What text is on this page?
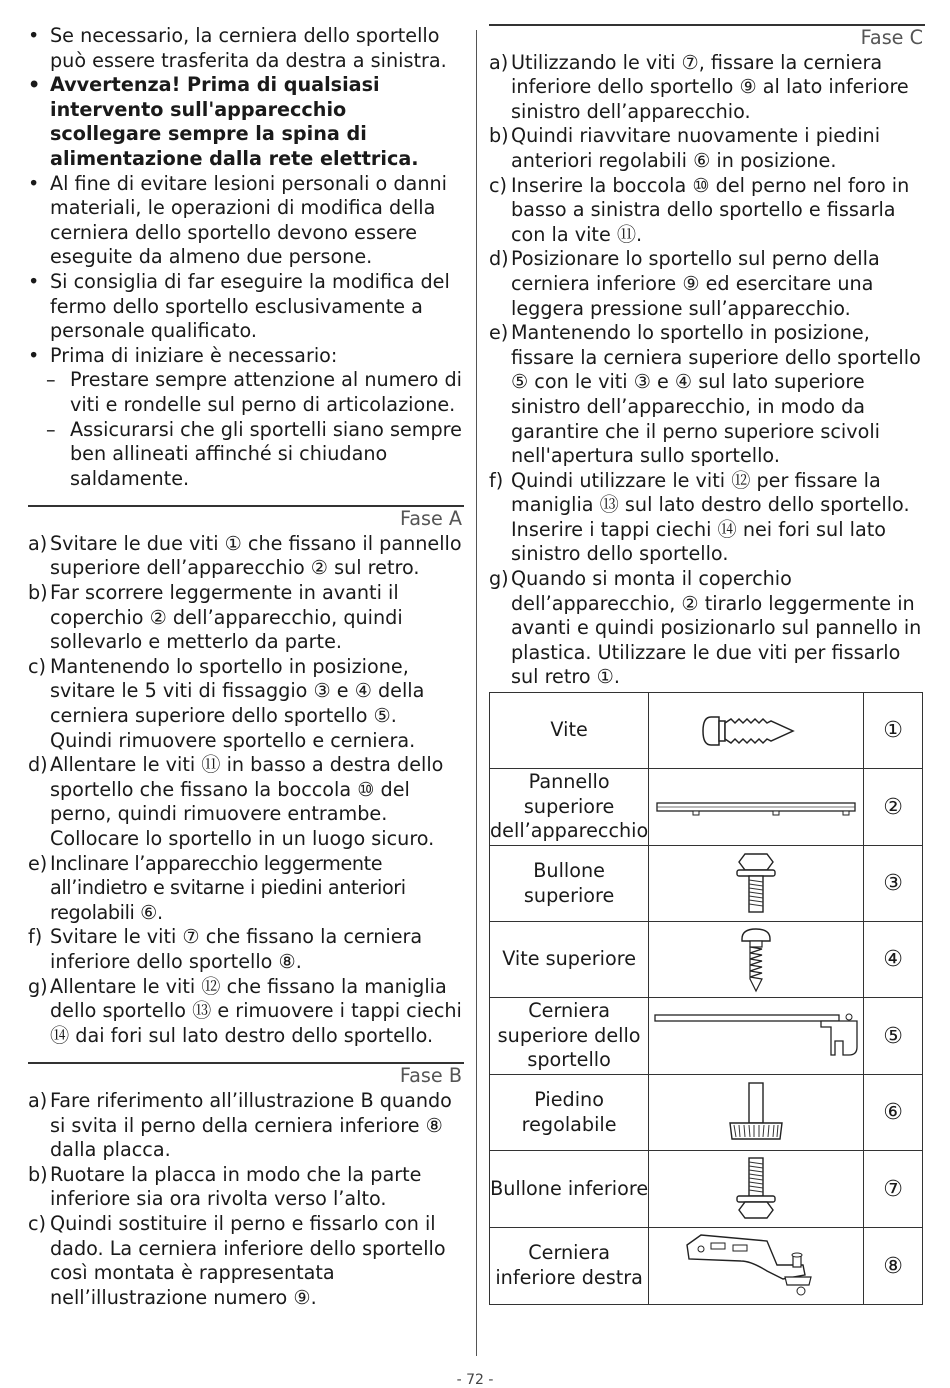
• Se necessario, la cerniera dello sportello può essere trasferita da destra a sinistra.
• Avvertenza! Prima di qualsiasi intervento sull'apparecchio scollegare sempre la spina di alimentazione dalla rete elettrica.
• Al fine di evitare lesioni personali o danni materiali, le operazioni di modifica della cerniera dello sportello devono essere eseguite da almeno due persone.
• Si consiglia di far eseguire la modifica del fermo dello sportello esclusivamente a personale qualificato.
• Prima di iniziare è necessario:
– Prestare sempre attenzione al numero di viti e rondelle sul perno di articolazione.
– Assicurarsi che gli sportelli siano sempre ben allineati affinché si chiudano saldamente.
Fase A
a) Svitare le due viti ① che fissano il pannello superiore dell’apparecchio ② sul retro.
b) Far scorrere leggermente in avanti il coperchio ② dell’apparecchio, quindi sollevarlo e metterlo da parte.
c) Mantenendo lo sportello in posizione, svitare le 5 viti di fissaggio ③ e ④ della cerniera superiore dello sportello ⑤. Quindi rimuovere sportello e cerniera.
d) Allentare le viti ⑪ in basso a destra dello sportello che fissano la boccola ⑩ del perno, quindi rimuovere entrambe. Collocare lo sportello in un luogo sicuro.
e) Inclinare l’apparecchio leggermente all’indietro e svitarne i piedini anteriori regolabili ⑥.
f) Svitare le viti ⑦ che fissano la cerniera inferiore dello sportello ⑧.
g) Allentare le viti ⑫ che fissano la maniglia dello sportello ⑬ e rimuovere i tappi ciechi ⑭ dai fori sul lato destro dello sportello.
Fase B
a) Fare riferimento all’illustrazione B quando si svita il perno della cerniera inferiore ⑧ dalla placca.
b) Ruotare la placca in modo che la parte inferiore sia ora rivolta verso l’alto.
c) Quindi sostituire il perno e fissarlo con il dado. La cerniera inferiore dello sportello così montata è rappresentata nell’illustrazione numero ⑨.
Fase C
a) Utilizzando le viti ⑦, fissare la cerniera inferiore dello sportello ⑨ al lato inferiore sinistro dell’apparecchio.
b) Quindi riavvitare nuovamente i piedini anteriori regolabili ⑥ in posizione.
c) Inserire la boccola ⑩ del perno nel foro in basso a sinistra dello sportello e fissarla con la vite ⑪.
d) Posizionare lo sportello sul perno della cerniera inferiore ⑨ ed esercitare una leggera pressione sull’apparecchio.
e) Mantenendo lo sportello in posizione, fissare la cerniera superiore dello sportello ⑤ con le viti ③ e ④ sul lato superiore sinistro dell’apparecchio, in modo da garantire che il perno superiore scivoli nell'apertura sullo sportello.
f) Quindi utilizzare le viti ⑫ per fissare la maniglia ⑬ sul lato destro dello sportello. Inserire i tappi ciechi ⑭ nei fori sul lato sinistro dello sportello.
g) Quando si monta il coperchio dell’apparecchio, ② tirarlo leggermente in avanti e quindi posizionarlo sul pannello in plastica. Utilizzare le due viti per fissarlo sul retro ①.
Vite		①
Pannello superiore dell’apparecchio		②
Bullone superiore		③
Vite superiore		④
Cerniera superiore dello sportello		⑤
Piedino regolabile		⑥
Bullone inferiore		⑦
Cerniera inferiore destra		⑧
- 72 -
